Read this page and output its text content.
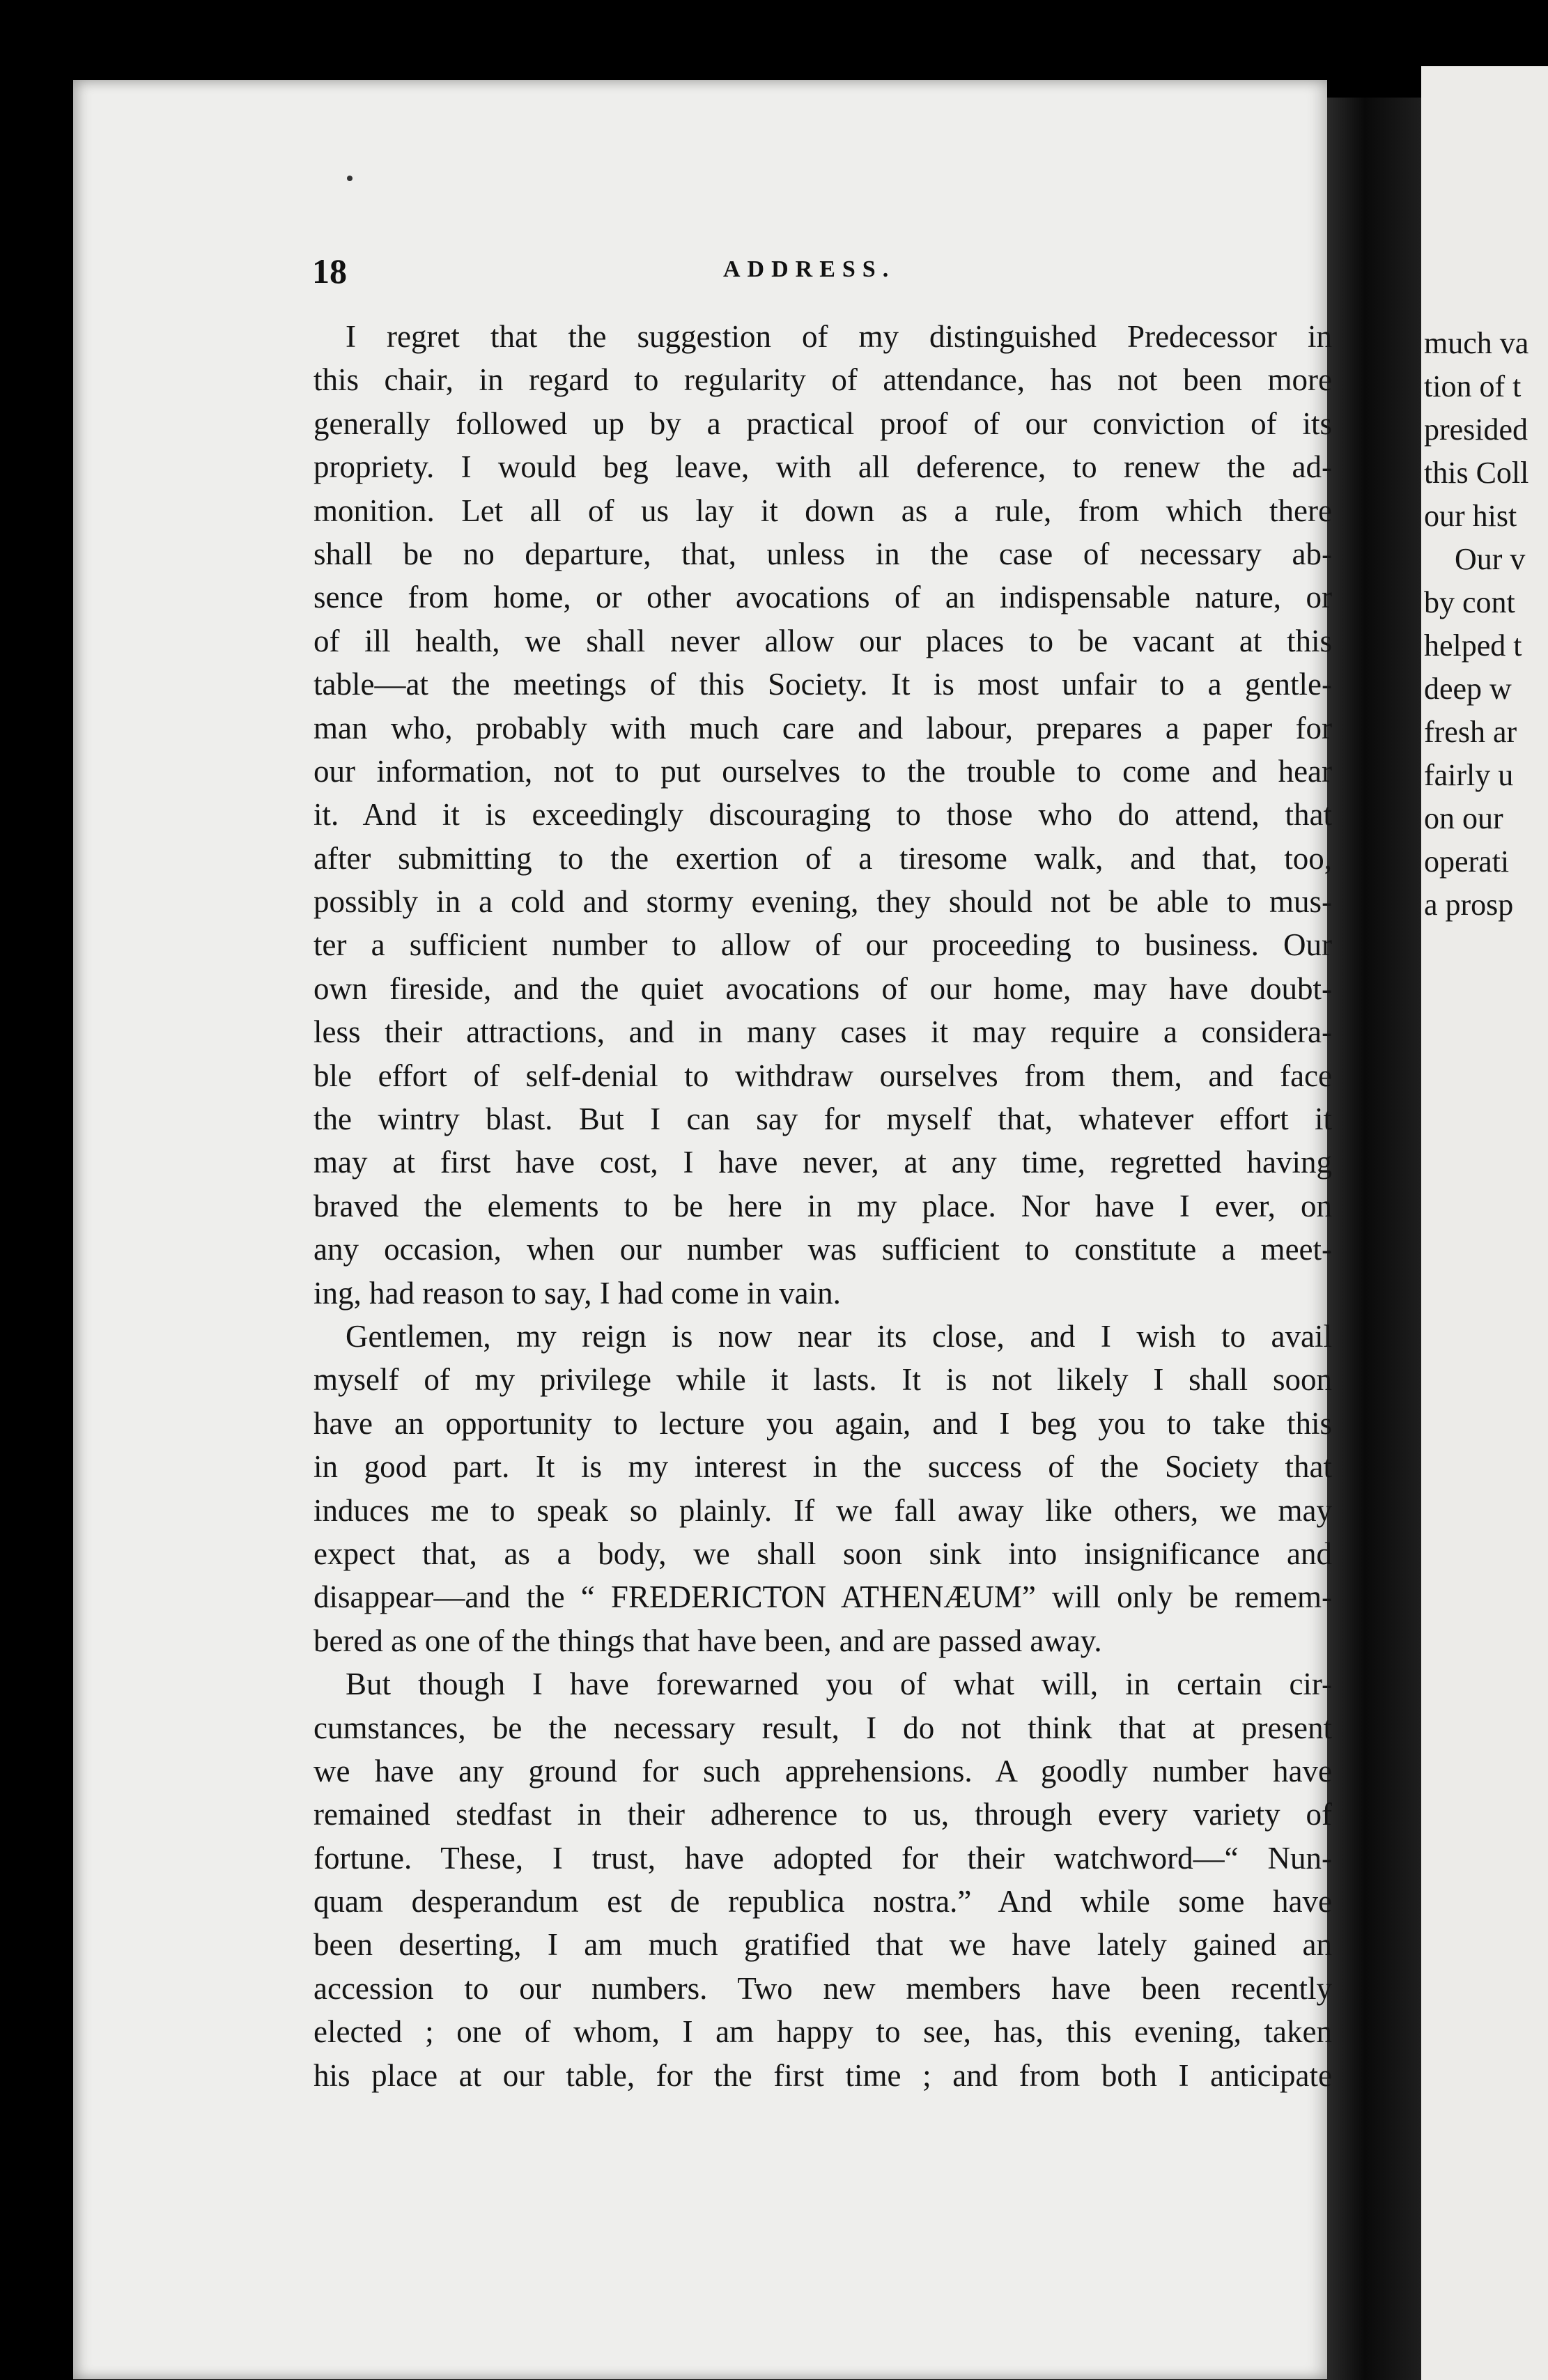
much va
tion of t
presided
this Coll
our hist
Our v
by cont
helped t
deep w
fresh ar
fairly u
on our
operati
a prosp
18	ADDRESS.
I regret that the suggestion of my distinguished Predecessor in
this chair, in regard to regularity of attendance, has not been more
generally followed up by a practical proof of our conviction of its
propriety. I would beg leave, with all deference, to renew the ad-
monition. Let all of us lay it down as a rule, from which there
shall be no departure, that, unless in the case of necessary ab-
sence from home, or other avocations of an indispensable nature, or
of ill health, we shall never allow our places to be vacant at this
table—at the meetings of this Society. It is most unfair to a gentle-
man who, probably with much care and labour, prepares a paper for
our information, not to put ourselves to the trouble to come and hear
it. And it is exceedingly discouraging to those who do attend, that
after submitting to the exertion of a tiresome walk, and that, too,
possibly in a cold and stormy evening, they should not be able to mus-
ter a sufficient number to allow of our proceeding to business. Our
own fireside, and the quiet avocations of our home, may have doubt-
less their attractions, and in many cases it may require a considera-
ble effort of self-denial to withdraw ourselves from them, and face
the wintry blast. But I can say for myself that, whatever effort it
may at first have cost, I have never, at any time, regretted having
braved the elements to be here in my place. Nor have I ever, on
any occasion, when our number was sufficient to constitute a meet-
ing, had reason to say, I had come in vain.
Gentlemen, my reign is now near its close, and I wish to avail
myself of my privilege while it lasts. It is not likely I shall soon
have an opportunity to lecture you again, and I beg you to take this
in good part. It is my interest in the success of the Society that
induces me to speak so plainly. If we fall away like others, we may
expect that, as a body, we shall soon sink into insignificance and
disappear—and the “ FREDERICTON ATHENÆUM” will only be remem-
bered as one of the things that have been, and are passed away.
But though I have forewarned you of what will, in certain cir-
cumstances, be the necessary result, I do not think that at present
we have any ground for such apprehensions. A goodly number have
remained stedfast in their adherence to us, through every variety of
fortune. These, I trust, have adopted for their watchword—“ Nun-
quam desperandum est de republica nostra.” And while some have
been deserting, I am much gratified that we have lately gained an
accession to our numbers. Two new members have been recently
elected ; one of whom, I am happy to see, has, this evening, taken
his place at our table, for the first time ; and from both I anticipate
